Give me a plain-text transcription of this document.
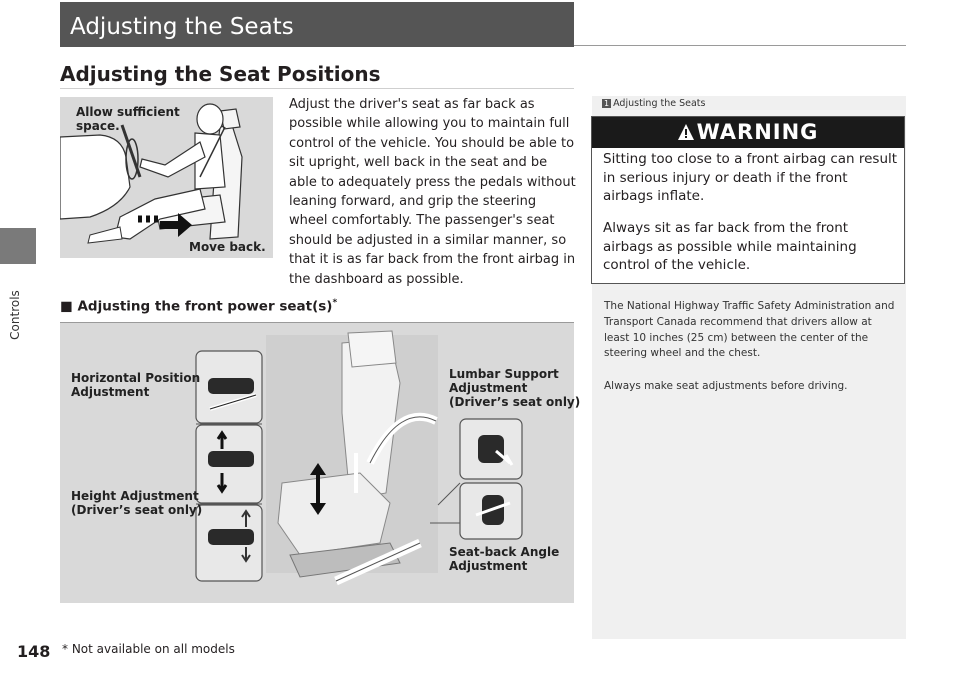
Controls
Adjusting the Seats
Adjusting the Seat Positions
Allow sufficient space.
Move back.
Adjust the driver's seat as far back as possible while allowing you to maintain full control of the vehicle. You should be able to sit upright, well back in the seat and be able to adequately press the pedals without leaning forward, and grip the steering wheel comfortably. The passenger's seat should be adjusted in a similar manner, so that it is as far back from the front airbag in the dashboard as possible.
■ Adjusting the front power seat(s)*
Horizontal Position
Adjustment
Height Adjustment
(Driver’s seat only)
Lumbar Support
Adjustment
(Driver’s seat only)
Seat-back Angle
Adjustment
1 Adjusting the Seats
WARNING
Sitting too close to a front airbag can result in serious injury or death if the front airbags inflate.
Always sit as far back from the front airbags as possible while maintaining control of the vehicle.
The National Highway Traffic Safety Administration and Transport Canada recommend that drivers allow at least 10 inches (25 cm) between the center of the steering wheel and the chest.
Always make seat adjustments before driving.
148 * Not available on all models
